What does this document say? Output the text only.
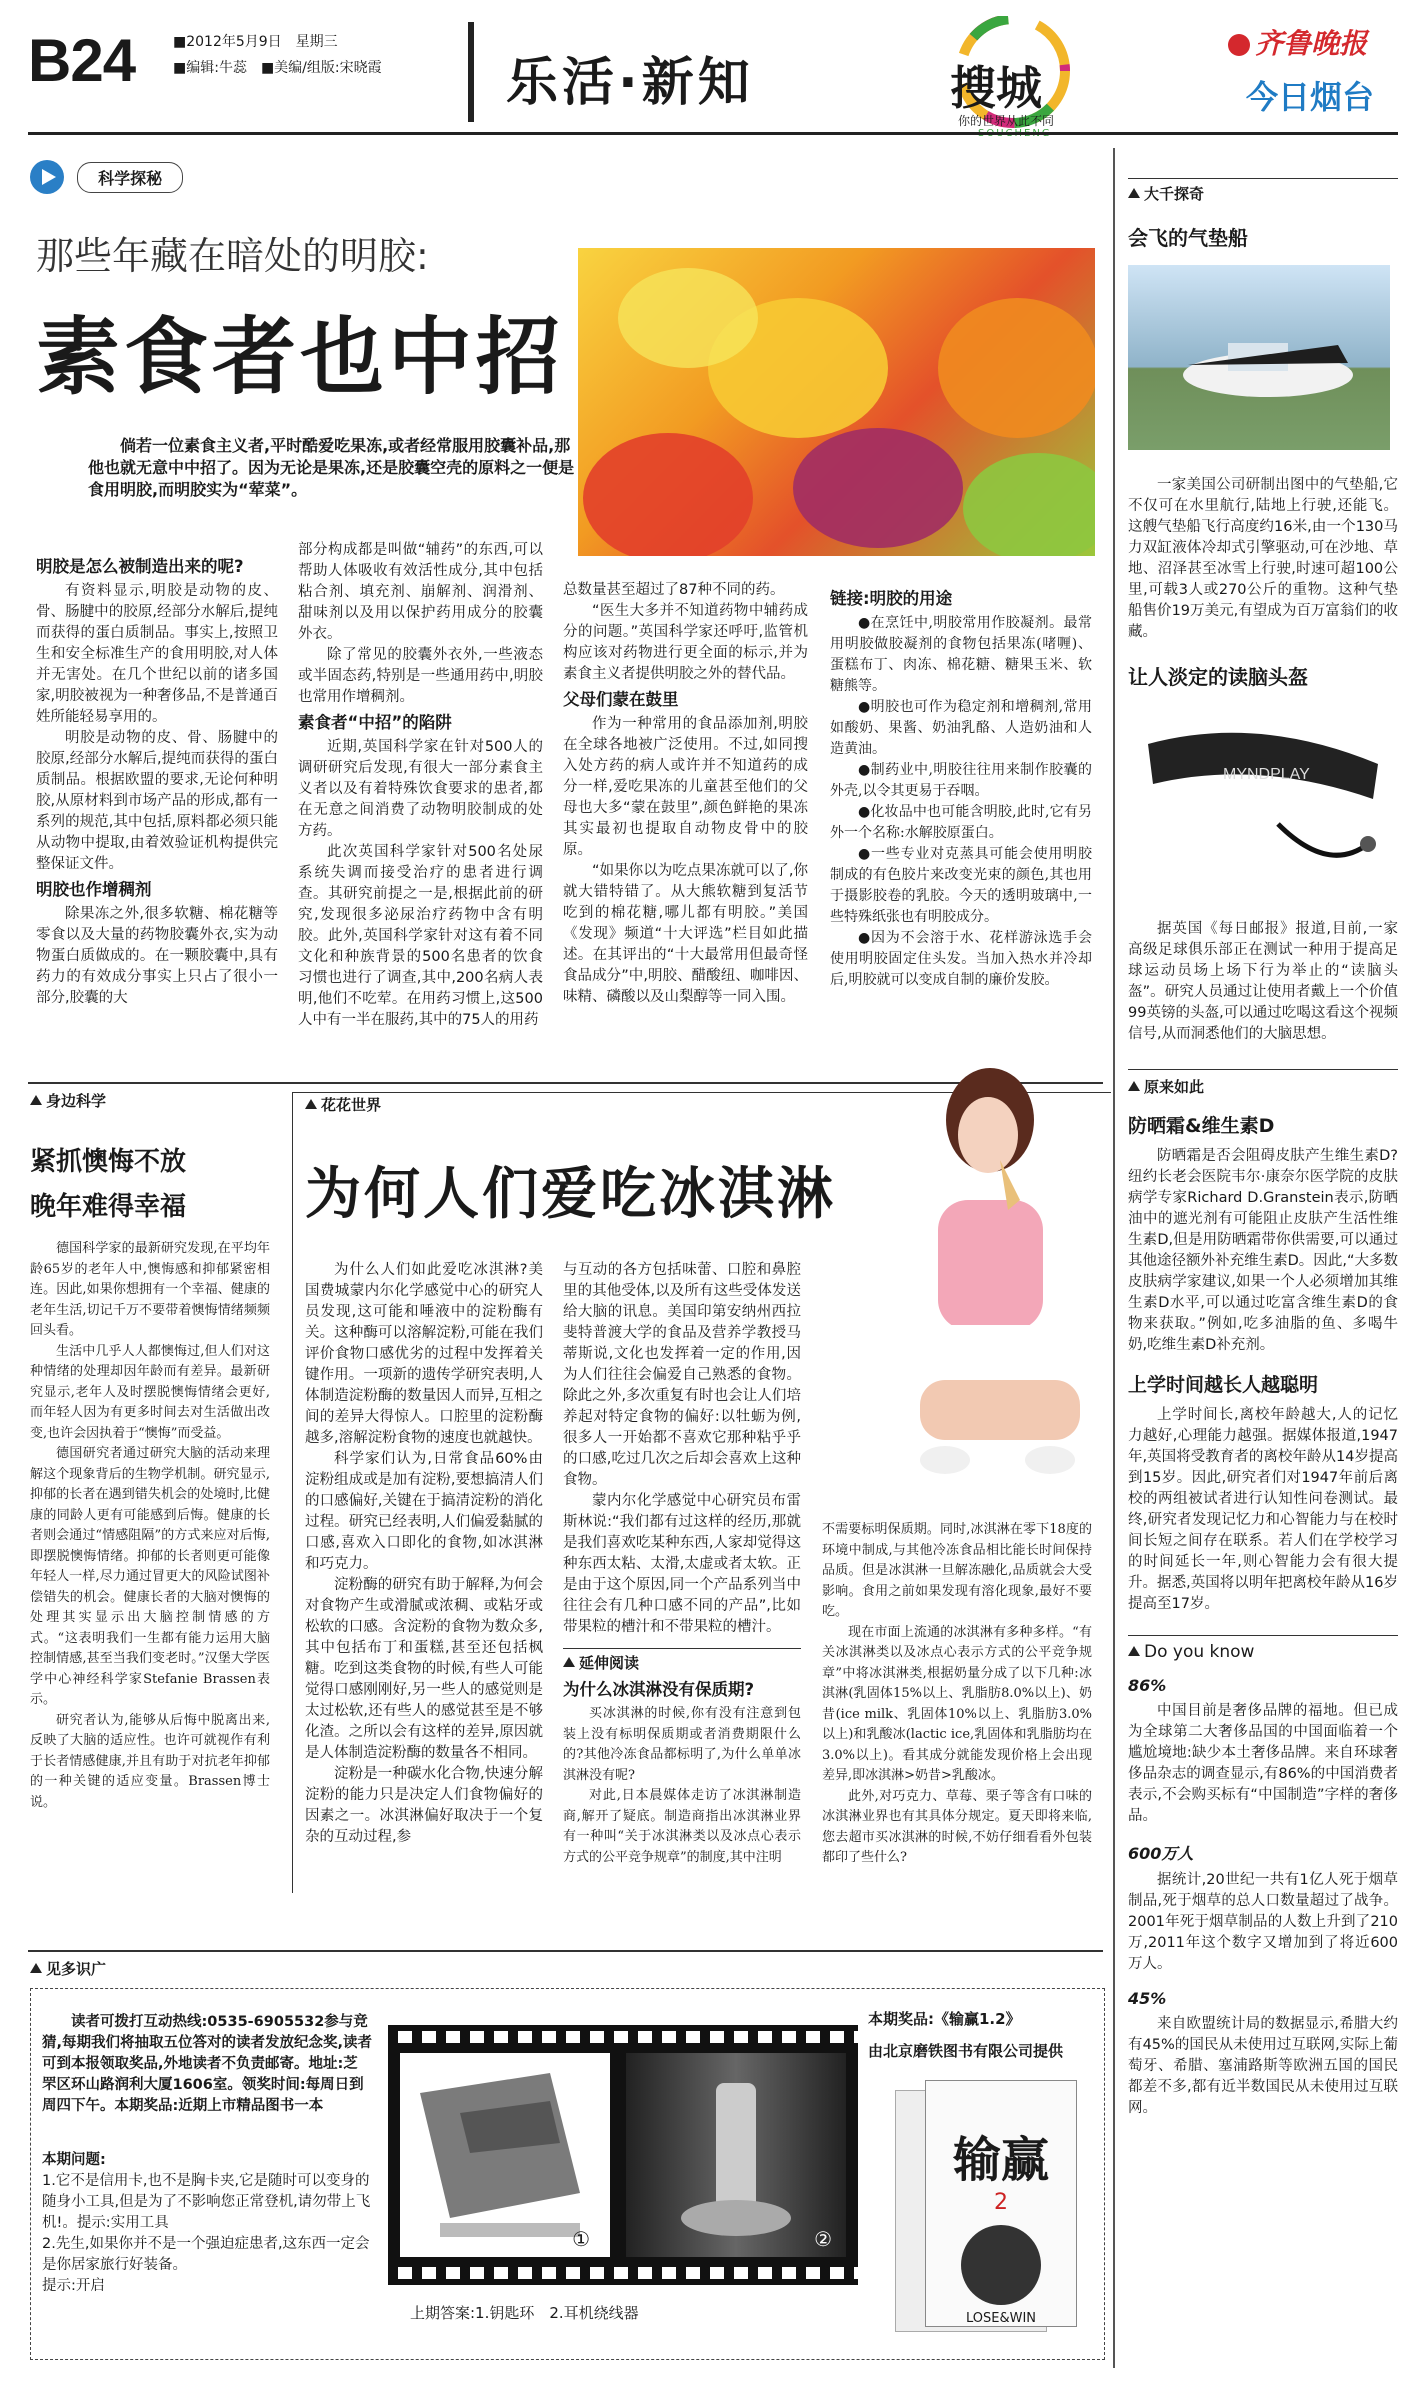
B24	■2012年5月9日　星期三
■编辑:牛蕊　■美编/组版:宋晓霞 乐活·新知	搜城
你的世界从此不同
齐鲁晚报
今日烟台
科学探秘
那些年藏在暗处的明胶:
素食者也中招
倘若一位素食主义者,平时酷爱吃果冻,或者经常服用胶囊补品,那他也就无意中中招了。因为无论是果冻,还是胶囊空壳的原料之一便是食用明胶,而明胶实为“荤菜”。
明胶是怎么被制造出来的呢?

有资料显示,明胶是动物的皮、骨、肠腱中的胶原,经部分水解后,提纯而获得的蛋白质制品。事实上,按照卫生和安全标准生产的食用明胶,对人体并无害处。在几个世纪以前的诸多国家,明胶被视为一种奢侈品,不是普通百姓所能轻易享用的。

明胶是动物的皮、骨、肠腱中的胶原,经部分水解后,提纯而获得的蛋白质制品。根据欧盟的要求,无论何种明胶,从原材料到市场产品的形成,都有一系列的规范,其中包括,原料都必须只能从动物中提取,由着效验证机构提供完整保证文件。

明胶也作增稠剂

除果冻之外,很多软糖、棉花糖等零食以及大量的药物胶囊外衣,实为动物蛋白质做成的。在一颗胶囊中,具有药力的有效成分事实上只占了很小一部分,胶囊的大

部分构成都是叫做“辅药”的东西,可以帮助人体吸收有效活性成分,其中包括粘合剂、填充剂、崩解剂、润滑剂、甜味剂以及用以保护药用成分的胶囊外衣。

除了常见的胶囊外衣外,一些液态或半固态药,特别是一些通用药中,明胶也常用作增稠剂。

素食者“中招”的陷阱

近期,英国科学家在针对500人的调研研究后发现,有很大一部分素食主义者以及有着特殊饮食要求的患者,都在无意之间消费了动物明胶制成的处方药。

此次英国科学家针对500名处尿系统失调而接受治疗的患者进行调查。其研究前提之一是,根据此前的研究,发现很多泌尿治疗药物中含有明胶。此外,英国科学家针对这有着不同文化和种族背景的500名患者的饮食习惯也进行了调查,其中,200名病人表明,他们不吃荤。在用药习惯上,这500人中有一半在服药,其中的75人的用药

总数量甚至超过了87种不同的药。

“医生大多并不知道药物中辅药成分的问题。”英国科学家还呼吁,监管机构应该对药物进行更全面的标示,并为素食主义者提供明胶之外的替代品。

父母们蒙在鼓里

作为一种常用的食品添加剂,明胶在全球各地被广泛使用。不过,如同搜入处方药的病人或许并不知道药的成分一样,爱吃果冻的儿童甚至他们的父母也大多“蒙在鼓里”,颜色鲜艳的果冻其实最初也提取自动物皮骨中的胶原。

“如果你以为吃点果冻就可以了,你就大错特错了。从大熊软糖到复活节吃到的棉花糖,哪儿都有明胶。”美国《发现》频道“十大评选”栏目如此描述。在其评出的“十大最常用但最奇怪食品成分”中,明胶、醋酸纽、咖啡因、味精、磷酸以及山梨醇等一同入围。

链接:明胶的用途

●在烹饪中,明胶常用作胶凝剂。最常用明胶做胶凝剂的食物包括果冻(啫喱)、蛋糕布丁、肉冻、棉花糖、糖果玉米、软糖熊等。

●明胶也可作为稳定剂和增稠剂,常用如酸奶、果酱、奶油乳酪、人造奶油和人造黄油。

●制药业中,明胶往往用来制作胶囊的外壳,以令其更易于吞咽。

●化妆品中也可能含明胶,此时,它有另外一个名称:水解胶原蛋白。

●一些专业对克蒸具可能会使用明胶制成的有色胶片来改变光束的颜色,其也用于摄影胶卷的乳胶。今天的透明玻璃中,一些特殊纸张也有明胶成分。

●因为不会溶于水、花样游泳选手会使用明胶固定住头发。当加入热水并冷却后,明胶就可以变成自制的廉价发胶。

大千探奇
会飞的气垫船
一家美国公司研制出图中的气垫船,它不仅可在水里航行,陆地上行驶,还能飞。这艘气垫船飞行高度约16米,由一个130马力双缸液体冷却式引擎驱动,可在沙地、草地、沼泽甚至冰雪上行驶,时速可超100公里,可载3人或270公斤的重物。这种气垫船售价19万美元,有望成为百万富翁们的收藏。
让人淡定的读脑头盔
MYNDPLAY
据英国《每日邮报》报道,目前,一家高级足球俱乐部正在测试一种用于提高足球运动员场上场下行为举止的“读脑头盔”。研究人员通过让使用者戴上一个价值99英镑的头盔,可以通过吃喝这看这个视频信号,从而洞悉他们的大脑思想。
原来如此
防晒霜&维生素D
防晒霜是否会阻碍皮肤产生维生素D?纽约长老会医院韦尔·康奈尔医学院的皮肤病学专家Richard D.Granstein表示,防晒油中的遮光剂有可能阻止皮肤产生活性维生素D,但是用防晒霜带你供需要,可以通过其他途径额外补充维生素D。因此,“大多数皮肤病学家建议,如果一个人必须增加其维生素D水平,可以通过吃富含维生素D的食物来获取。”例如,吃多油脂的鱼、多喝牛奶,吃维生素D补充剂。
上学时间越长人越聪明
上学时间长,离校年龄越大,人的记忆力越好,心理能力越强。据媒体报道,1947年,英国将受教育者的离校年龄从14岁提高到15岁。因此,研究者们对1947年前后离校的两组被试者进行认知性问卷测试。最终,研究者发现记忆力和心智能力与在校时间长短之间存在联系。若人们在学校学习的时间延长一年,则心智能力会有很大提升。据悉,英国将以明年把离校年龄从16岁提高至17岁。
Do you know
86%
中国目前是奢侈品牌的福地。但已成为全球第二大奢侈品国的中国面临着一个尴尬境地:缺少本土奢侈品牌。来自环球奢侈品杂志的调查显示,有86%的中国消费者表示,不会购买标有“中国制造”字样的奢侈品。
600万人
据统计,20世纪一共有1亿人死于烟草制品,死于烟草的总人口数量超过了战争。2001年死于烟草制品的人数上升到了210万,2011年这个数字又增加到了将近600万人。
45%
来自欧盟统计局的数据显示,希腊大约有45%的国民从未使用过互联网,实际上葡萄牙、希腊、塞浦路斯等欧洲五国的国民都差不多,都有近半数国民从未使用过互联网。
身边科学
紧抓懊悔不放
晚年难得幸福
德国科学家的最新研究发现,在平均年龄65岁的老年人中,懊悔感和抑郁紧密相连。因此,如果你想拥有一个幸福、健康的老年生活,切记千万不要带着懊悔情绪频频回头看。
生活中几乎人人都懊悔过,但人们对这种情绪的处理却因年龄而有差异。最新研究显示,老年人及时摆脱懊悔情绪会更好,而年轻人因为有更多时间去对生活做出改变,也许会因执着于“懊悔”而受益。
德国研究者通过研究大脑的活动来理解这个现象背后的生物学机制。研究显示,抑郁的长者在遇到错失机会的处境时,比健康的同龄人更有可能感到后悔。健康的长者则会通过“情感阻隔”的方式来应对后悔,即摆脱懊悔情绪。抑郁的长者则更可能像年轻人一样,尽力通过冒更大的风险试图补偿错失的机会。健康长者的大脑对懊悔的处理其实显示出大脑控制情感的方式。“这表明我们一生都有能力运用大脑控制情感,甚至当我们变老时。”汉堡大学医学中心神经科学家Stefanie Brassen表示。
研究者认为,能够从后悔中脱离出来,反映了大脑的适应性。也许可就视作有利于长者情感健康,并且有助于对抗老年抑郁的一种关键的适应变量。Brassen博士说。
花花世界
为何人们爱吃冰淇淋

为什么人们如此爱吃冰淇淋?美国费城蒙内尔化学感觉中心的研究人员发现,这可能和唾液中的淀粉酶有关。这种酶可以溶解淀粉,可能在我们评价食物口感优劣的过程中发挥着关键作用。一项新的遗传学研究表明,人体制造淀粉酶的数量因人而异,互相之间的差异大得惊人。口腔里的淀粉酶越多,溶解淀粉食物的速度也就越快。

科学家们认为,日常食品60%由淀粉组成或是加有淀粉,要想搞清人们的口感偏好,关键在于搞清淀粉的消化过程。研究已经表明,人们偏爱黏腻的口感,喜欢入口即化的食物,如冰淇淋和巧克力。

淀粉酶的研究有助于解释,为何会对食物产生或滑腻或浓稠、或粘牙或松软的口感。含淀粉的食物为数众多,其中包括布丁和蛋糕,甚至还包括枫糖。吃到这类食物的时候,有些人可能觉得口感刚刚好,另一些人的感觉则是太过松软,还有些人的感觉甚至是不够化渣。之所以会有这样的差异,原因就是人体制造淀粉酶的数量各不相同。

淀粉是一种碳水化合物,快速分解淀粉的能力只是决定人们食物偏好的因素之一。冰淇淋偏好取决于一个复杂的互动过程,参

与互动的各方包括味蕾、口腔和鼻腔里的其他受体,以及所有这些受体发送给大脑的讯息。美国印第安纳州西拉斐特普渡大学的食品及营养学教授马蒂斯说,文化也发挥着一定的作用,因为人们往往会偏爱自己熟悉的食物。除此之外,多次重复有时也会让人们培养起对特定食物的偏好:以牡蛎为例,很多人一开始都不喜欢它那种粘乎乎的口感,吃过几次之后却会喜欢上这种食物。

蒙内尔化学感觉中心研究员布雷斯林说:“我们都有过这样的经历,那就是我们喜欢吃某种东西,人家却觉得这种东西太粘、太滑,太虚或者太软。正是由于这个原因,同一个产品系列当中往往会有几种口感不同的产品”,比如带果粒的槽汁和不带果粒的槽汁。

延伸阅读
为什么冰淇淋没有保质期?

买冰淇淋的时候,你有没有注意到包装上没有标明保质期或者消费期限什么的?其他冷冻食品都标明了,为什么单单冰淇淋没有呢?

对此,日本晨媒体走访了冰淇淋制造商,解开了疑底。制造商指出冰淇淋业界有一种叫“关于冰淇淋类以及冰点心表示方式的公平竞争规章”的制度,其中注明

不需要标明保质期。同时,冰淇淋在零下18度的环境中制成,与其他冷冻食品相比能长时间保持品质。但是冰淇淋一旦解冻融化,品质就会大受影响。食用之前如果发现有溶化现象,最好不要吃。

现在市面上流通的冰淇淋有多种多样。“有关冰淇淋类以及冰点心表示方式的公平竞争规章”中将冰淇淋类,根据奶量分成了以下几种:冰淇淋(乳固体15%以上、乳脂肪8.0%以上)、奶昔(ice milk、乳固体10%以上、乳脂肪3.0%以上)和乳酸冰(lactic ice,乳固体和乳脂肪均在3.0%以上)。看其成分就能发现价格上会出现差异,即冰淇淋>奶昔>乳酸冰。

此外,对巧克力、草莓、栗子等含有口味的冰淇淋业界也有其具体分规定。夏天即将来临,您去超市买冰淇淋的时候,不妨仔细看看外包装都印了些什么?

见多识广
读者可拨打互动热线:0535-6905532参与竞猜,每期我们将抽取五位答对的读者发放纪念奖,读者可到本报领取奖品,外地读者不负责邮寄。地址:芝罘区环山路润利大厦1606室。领奖时间:每周日到周四下午。本期奖品:近期上市精品图书一本
本期问题:
1.它不是信用卡,也不是胸卡夹,它是随时可以变身的随身小工具,但是为了不影响您正常登机,请勿带上飞机!。提示:实用工具
2.先生,如果你并不是一个强迫症患者,这东西一定会是你居家旅行好装备。
提示:开启
①	②
上期答案:1.钥匙环　2.耳机绕线器
本期奖品:《输赢1.2》
由北京磨铁图书有限公司提供
输赢
2
LOSE&WIN
